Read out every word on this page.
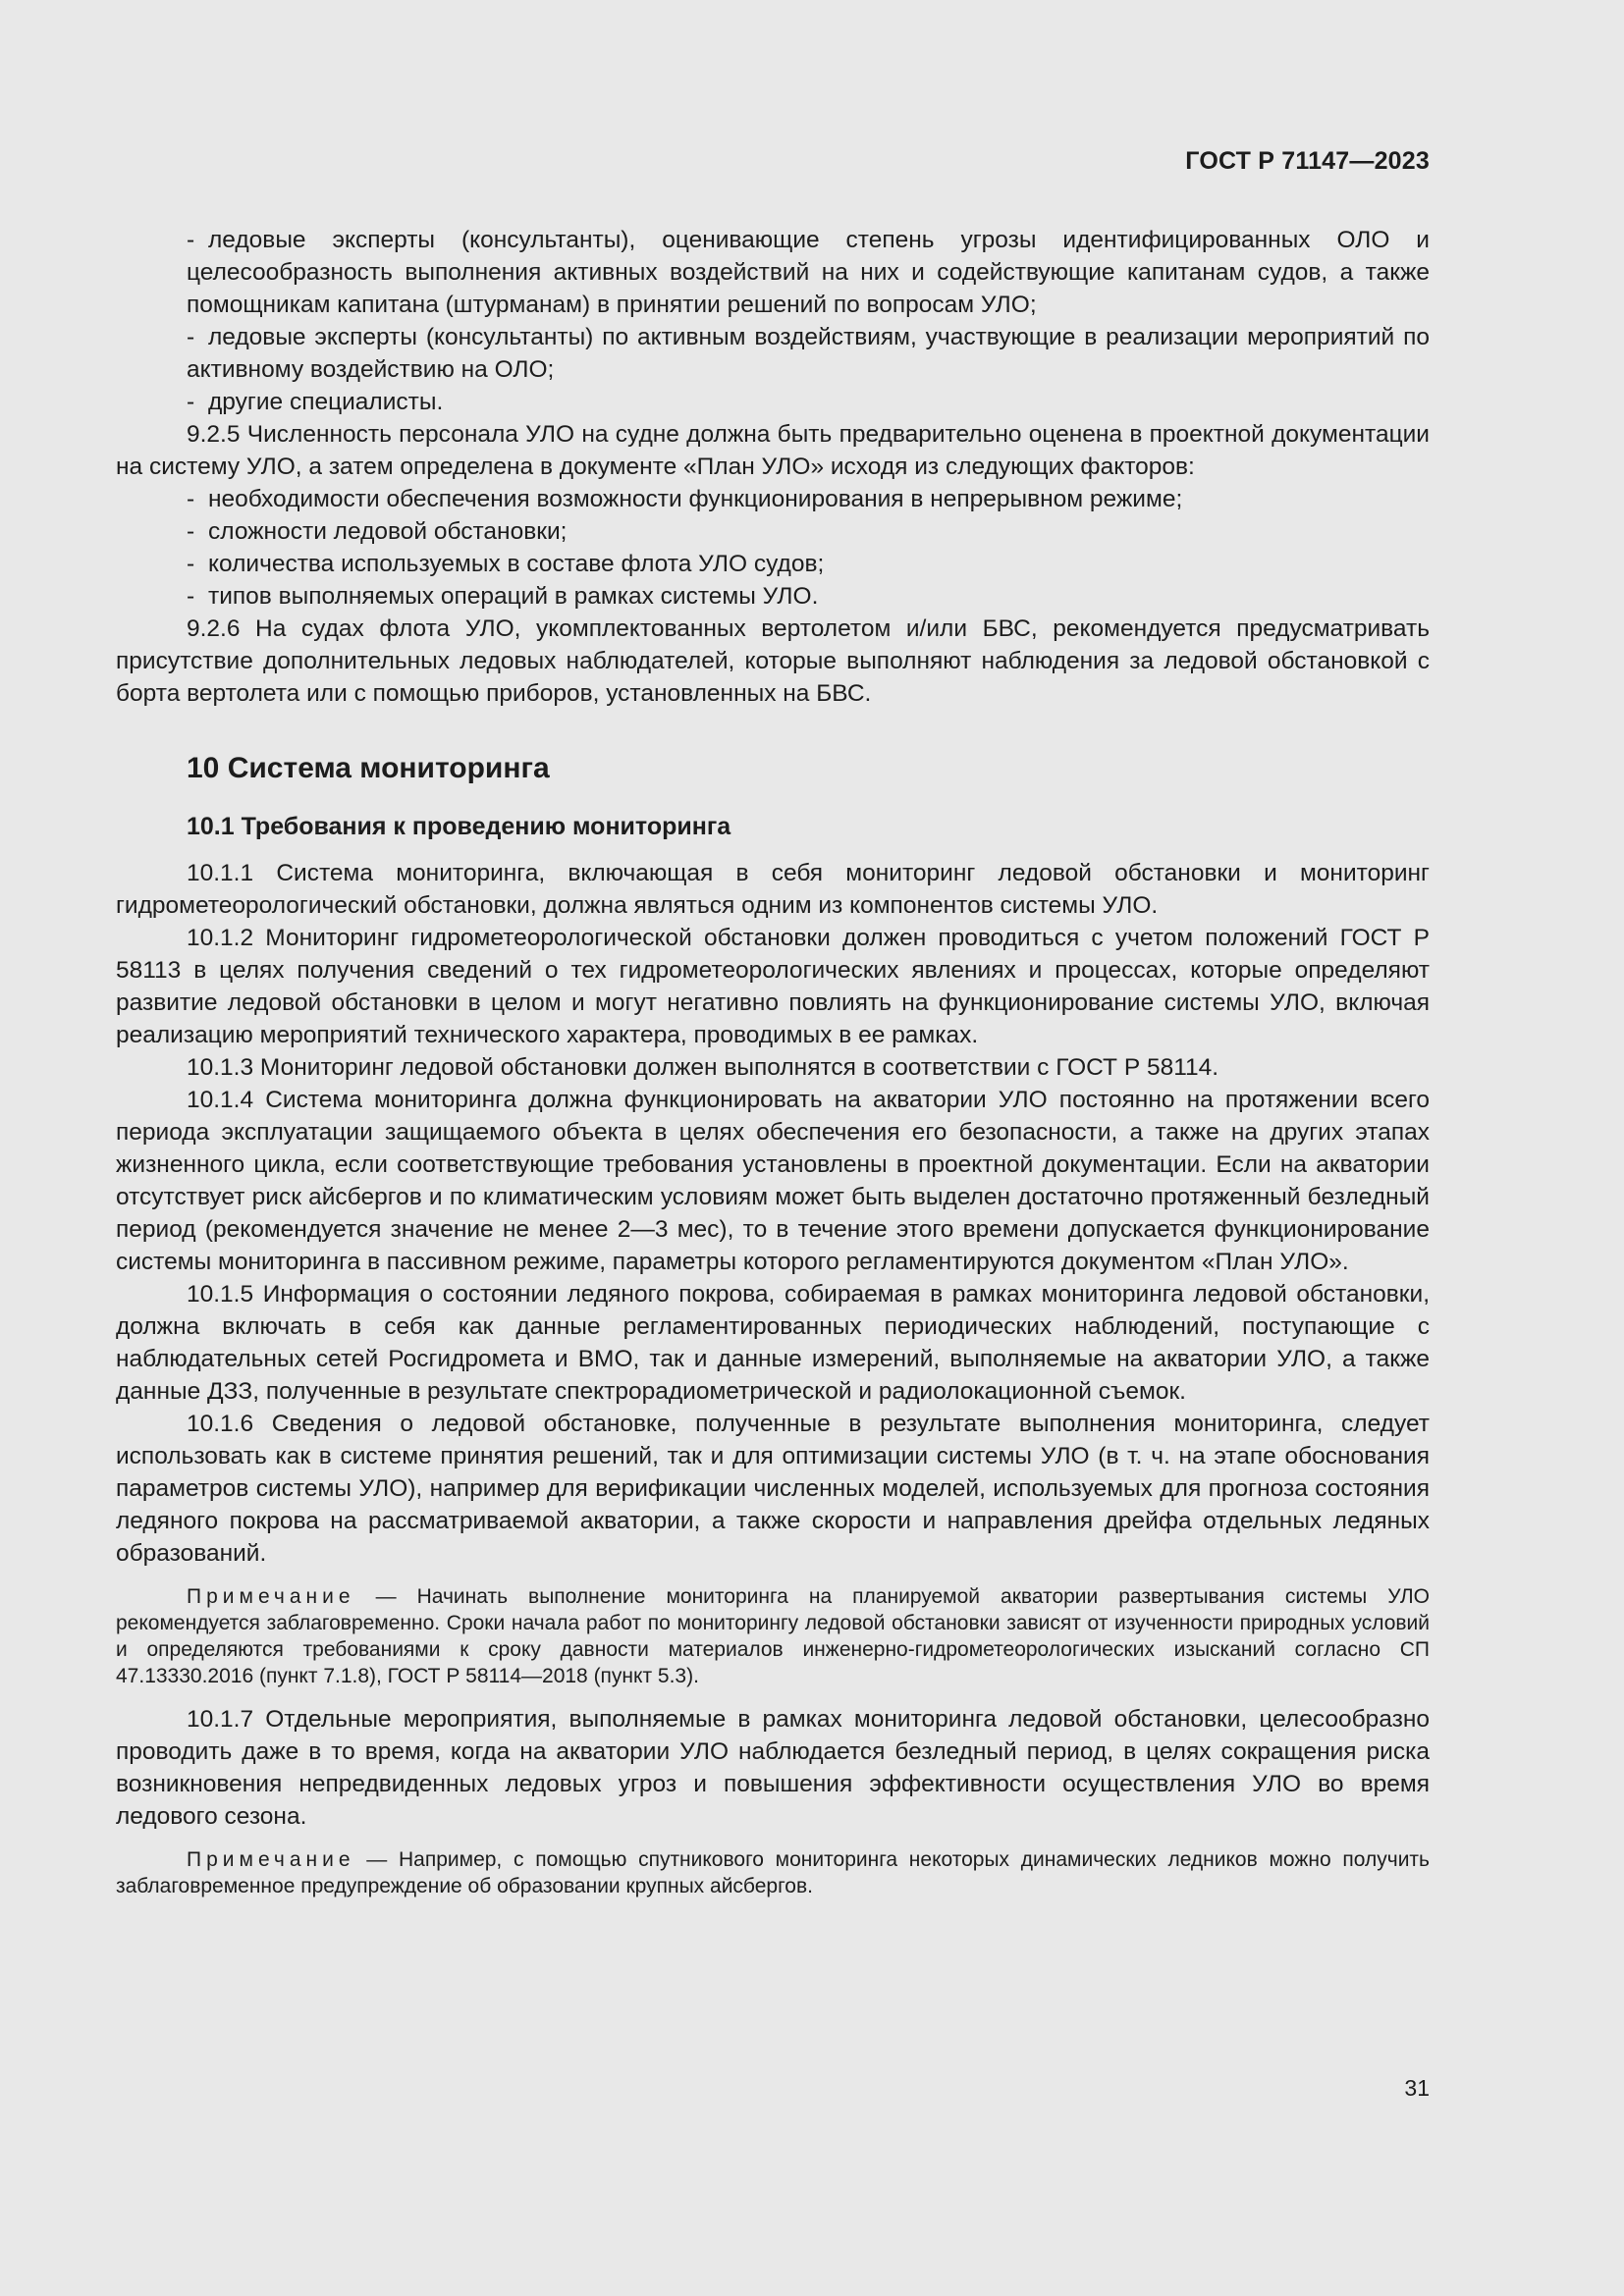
ГОСТ Р 71147—2023

- ледовые эксперты (консультанты), оценивающие степень угрозы идентифицированных ОЛО и целесообразность выполнения активных воздействий на них и содействующие капитанам судов, а также помощникам капитана (штурманам) в принятии решений по вопросам УЛО;

- ледовые эксперты (консультанты) по активным воздействиям, участвующие в реализации мероприятий по активному воздействию на ОЛО;

- другие специалисты.

9.2.5 Численность персонала УЛО на судне должна быть предварительно оценена в проектной документации на систему УЛО, а затем определена в документе «План УЛО» исходя из следующих факторов:

- необходимости обеспечения возможности функционирования в непрерывном режиме;

- сложности ледовой обстановки;

- количества используемых в составе флота УЛО судов;

- типов выполняемых операций в рамках системы УЛО.

9.2.6 На судах флота УЛО, укомплектованных вертолетом и/или БВС, рекомендуется предусматривать присутствие дополнительных ледовых наблюдателей, которые выполняют наблюдения за ледовой обстановкой с борта вертолета или с помощью приборов, установленных на БВС.

10 Система мониторинга
10.1 Требования к проведению мониторинга

10.1.1 Система мониторинга, включающая в себя мониторинг ледовой обстановки и мониторинг гидрометеорологический обстановки, должна являться одним из компонентов системы УЛО.

10.1.2 Мониторинг гидрометеорологической обстановки должен проводиться с учетом положений ГОСТ Р 58113 в целях получения сведений о тех гидрометеорологических явлениях и процессах, которые определяют развитие ледовой обстановки в целом и могут негативно повлиять на функционирование системы УЛО, включая реализацию мероприятий технического характера, проводимых в ее рамках.

10.1.3 Мониторинг ледовой обстановки должен выполнятся в соответствии с ГОСТ Р 58114.

10.1.4 Система мониторинга должна функционировать на акватории УЛО постоянно на протяжении всего периода эксплуатации защищаемого объекта в целях обеспечения его безопасности, а также на других этапах жизненного цикла, если соответствующие требования установлены в проектной документации. Если на акватории отсутствует риск айсбергов и по климатическим условиям может быть выделен достаточно протяженный безледный период (рекомендуется значение не менее 2—3 мес), то в течение этого времени допускается функционирование системы мониторинга в пассивном режиме, параметры которого регламентируются документом «План УЛО».

10.1.5 Информация о состоянии ледяного покрова, собираемая в рамках мониторинга ледовой обстановки, должна включать в себя как данные регламентированных периодических наблюдений, поступающие с наблюдательных сетей Росгидромета и ВМО, так и данные измерений, выполняемые на акватории УЛО, а также данные ДЗЗ, полученные в результате спектрорадиометрической и радиолокационной съемок.

10.1.6 Сведения о ледовой обстановке, полученные в результате выполнения мониторинга, следует использовать как в системе принятия решений, так и для оптимизации системы УЛО (в т. ч. на этапе обоснования параметров системы УЛО), например для верификации численных моделей, используемых для прогноза состояния ледяного покрова на рассматриваемой акватории, а также скорости и направления дрейфа отдельных ледяных образований.

Примечание — Начинать выполнение мониторинга на планируемой акватории развертывания системы УЛО рекомендуется заблаговременно. Сроки начала работ по мониторингу ледовой обстановки зависят от изученности природных условий и определяются требованиями к сроку давности материалов инженерно-гидрометеорологических изысканий согласно СП 47.13330.2016 (пункт 7.1.8), ГОСТ Р 58114—2018 (пункт 5.3).

10.1.7 Отдельные мероприятия, выполняемые в рамках мониторинга ледовой обстановки, целесообразно проводить даже в то время, когда на акватории УЛО наблюдается безледный период, в целях сокращения риска возникновения непредвиденных ледовых угроз и повышения эффективности осуществления УЛО во время ледового сезона.

Примечание — Например, с помощью спутникового мониторинга некоторых динамических ледников можно получить заблаговременное предупреждение об образовании крупных айсбергов.

31
